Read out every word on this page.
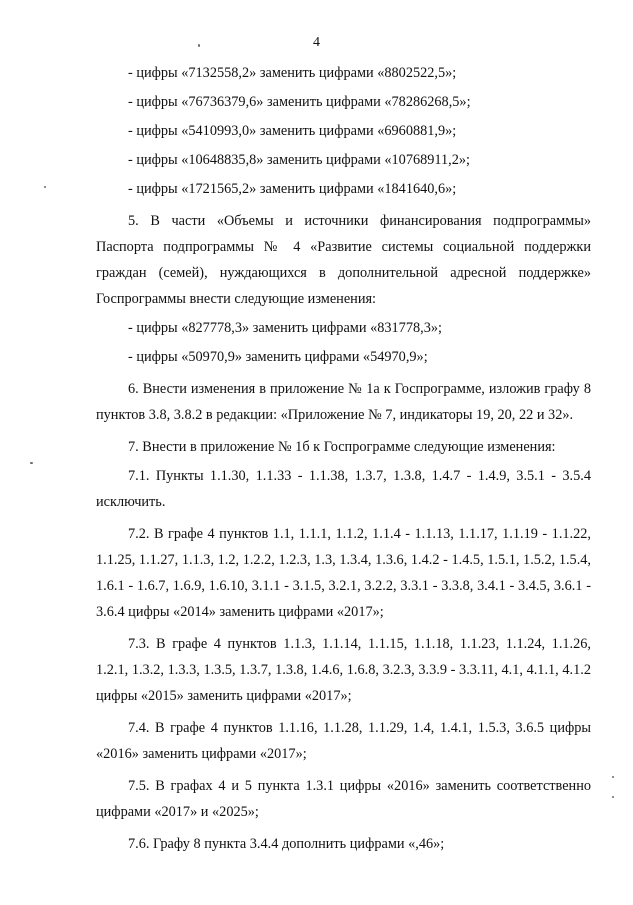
4
- цифры «7132558,2» заменить цифрами «8802522,5»;
- цифры «76736379,6» заменить цифрами «78286268,5»;
- цифры «5410993,0» заменить цифрами «6960881,9»;
- цифры «10648835,8» заменить цифрами «10768911,2»;
- цифры «1721565,2» заменить цифрами «1841640,6»;
5. В части «Объемы и источники финансирования подпрограммы» Паспорта подпрограммы № 4 «Развитие системы социальной поддержки граждан (семей), нуждающихся в дополнительной адресной поддержке» Госпрограммы внести следующие изменения:
- цифры «827778,3» заменить цифрами «831778,3»;
- цифры «50970,9» заменить цифрами «54970,9»;
6. Внести изменения в приложение № 1а к Госпрограмме, изложив графу 8 пунктов 3.8, 3.8.2 в редакции: «Приложение № 7, индикаторы 19, 20, 22 и 32».
7. Внести в приложение № 1б к Госпрограмме следующие изменения:
7.1. Пункты 1.1.30, 1.1.33 - 1.1.38, 1.3.7, 1.3.8, 1.4.7 - 1.4.9, 3.5.1 - 3.5.4 исключить.
7.2. В графе 4 пунктов 1.1, 1.1.1, 1.1.2, 1.1.4 - 1.1.13, 1.1.17, 1.1.19 - 1.1.22, 1.1.25, 1.1.27, 1.1.3, 1.2, 1.2.2, 1.2.3, 1.3, 1.3.4, 1.3.6, 1.4.2 - 1.4.5, 1.5.1, 1.5.2, 1.5.4, 1.6.1 - 1.6.7, 1.6.9, 1.6.10, 3.1.1 - 3.1.5, 3.2.1, 3.2.2, 3.3.1 - 3.3.8, 3.4.1 - 3.4.5, 3.6.1 - 3.6.4 цифры «2014» заменить цифрами «2017»;
7.3. В графе 4 пунктов 1.1.3, 1.1.14, 1.1.15, 1.1.18, 1.1.23, 1.1.24, 1.1.26, 1.2.1, 1.3.2, 1.3.3, 1.3.5, 1.3.7, 1.3.8, 1.4.6, 1.6.8, 3.2.3, 3.3.9 - 3.3.11, 4.1, 4.1.1, 4.1.2 цифры «2015» заменить цифрами «2017»;
7.4. В графе 4 пунктов 1.1.16, 1.1.28, 1.1.29, 1.4, 1.4.1, 1.5.3, 3.6.5 цифры «2016» заменить цифрами «2017»;
7.5. В графах 4 и 5 пункта 1.3.1 цифры «2016» заменить соответственно цифрами «2017» и «2025»;
7.6. Графу 8 пункта 3.4.4 дополнить цифрами «,46»;
